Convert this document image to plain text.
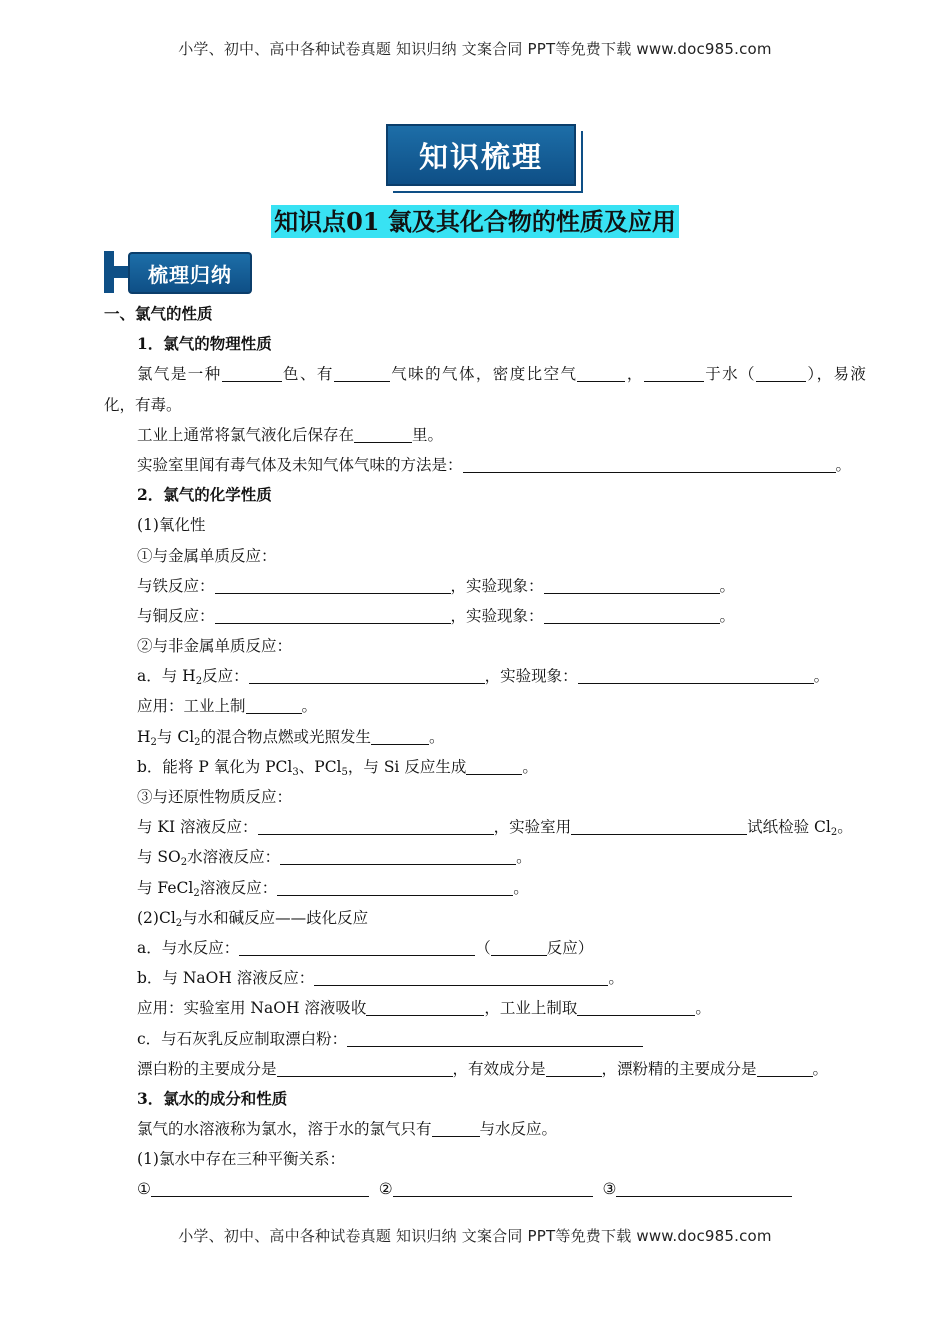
小学、初中、高中各种试卷真题 知识归纳 文案合同 PPT等免费下载 www.doc985.com
知识梳理
知识点01 氯及其化合物的性质及应用
梳理归纳
一、氯气的性质
1．氯气的物理性质
氯气是一种	色、有	气味的气体，密度比空气	，	于水（	），易液
化，有毒。
工业上通常将氯气液化后保存在	里。
实验室里闻有毒气体及未知气体气味的方法是：	。
2．氯气的化学性质
(1)氧化性
①与金属单质反应：
与铁反应：	，实验现象：	。
与铜反应：	，实验现象：	。
②与非金属单质反应：
a．与 $H_2$反应：	，实验现象：	。
应用：工业上制	。
$H_2$与 $Cl_2$的混合物点燃或光照发生	。
b．能将 P 氧化为 PCl$_3$、PCl$_5$，与 Si 反应生成	。
③与还原性物质反应：
与 KI 溶液反应：	，实验室用	试纸检验 $Cl_2$。
与 $SO_2$水溶液反应：	。
与 FeCl$_2$溶液反应：	。
$(2)Cl_2$与水和碱反应——歧化反应
a．与水反应：	（	反应）
b．与 NaOH 溶液反应：	。
应用：实验室用 NaOH 溶液吸收	，工业上制取	。
c．与石灰乳反应制取漂白粉：
漂白粉的主要成分是	，有效成分是	，漂粉精的主要成分是	。
3．氯水的成分和性质
氯气的水溶液称为氯水，溶于水的氯气只有	与水反应。
(1)氯水中存在三种平衡关系：
①	②	③
小学、初中、高中各种试卷真题 知识归纳 文案合同 PPT等免费下载 www.doc985.com
